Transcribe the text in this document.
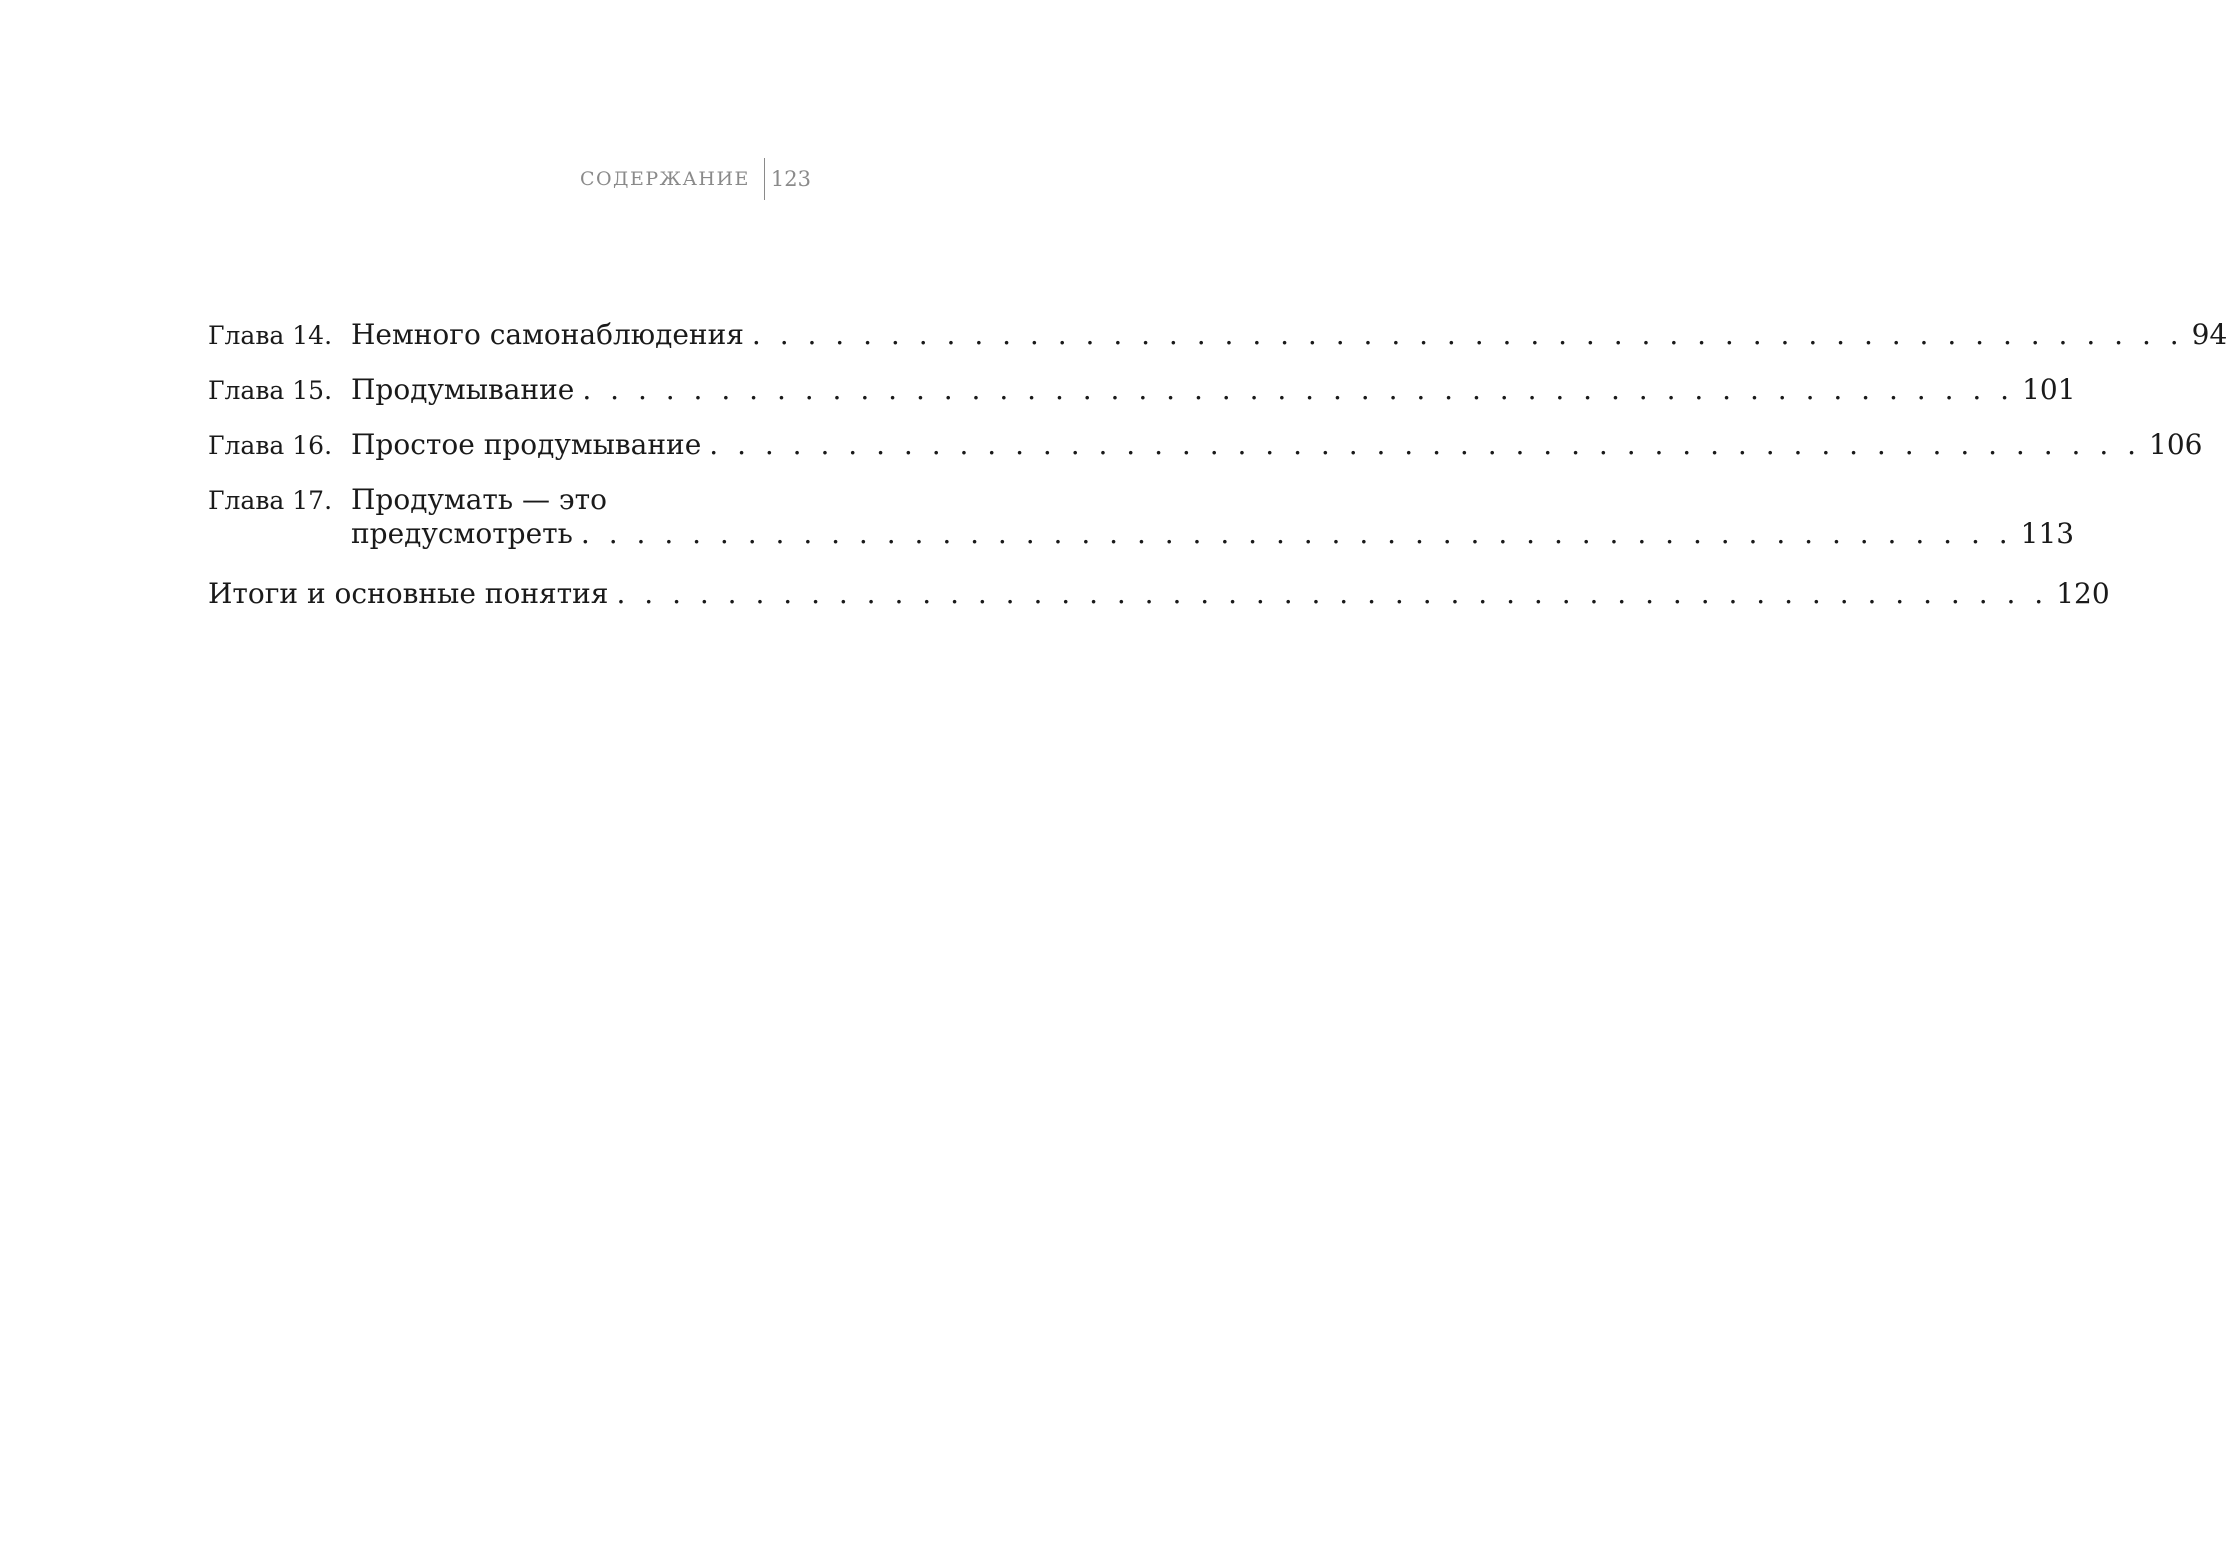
СОДЕРЖАНИЕ	123
Глава 14. Немного самонаблюдения . . . . . . . . . . . . . . . . . . . . . . . . . . . . . . . . . . . . . . . . . . . . . . . . . . . . 94
Глава 15. Продумывание . . . . . . . . . . . . . . . . . . . . . . . . . . . . . . . . . . . . . . . . . . . . . . . . . . . . 101
Глава 16. Простое продумывание . . . . . . . . . . . . . . . . . . . . . . . . . . . . . . . . . . . . . . . . . . . . . . . . . . . . 106
Глава 17. Продумать — это
предусмотреть . . . . . . . . . . . . . . . . . . . . . . . . . . . . . . . . . . . . . . . . . . . . . . . . . . . . 113
Итоги и основные понятия . . . . . . . . . . . . . . . . . . . . . . . . . . . . . . . . . . . . . . . . . . . . . . . . . . . . 120
